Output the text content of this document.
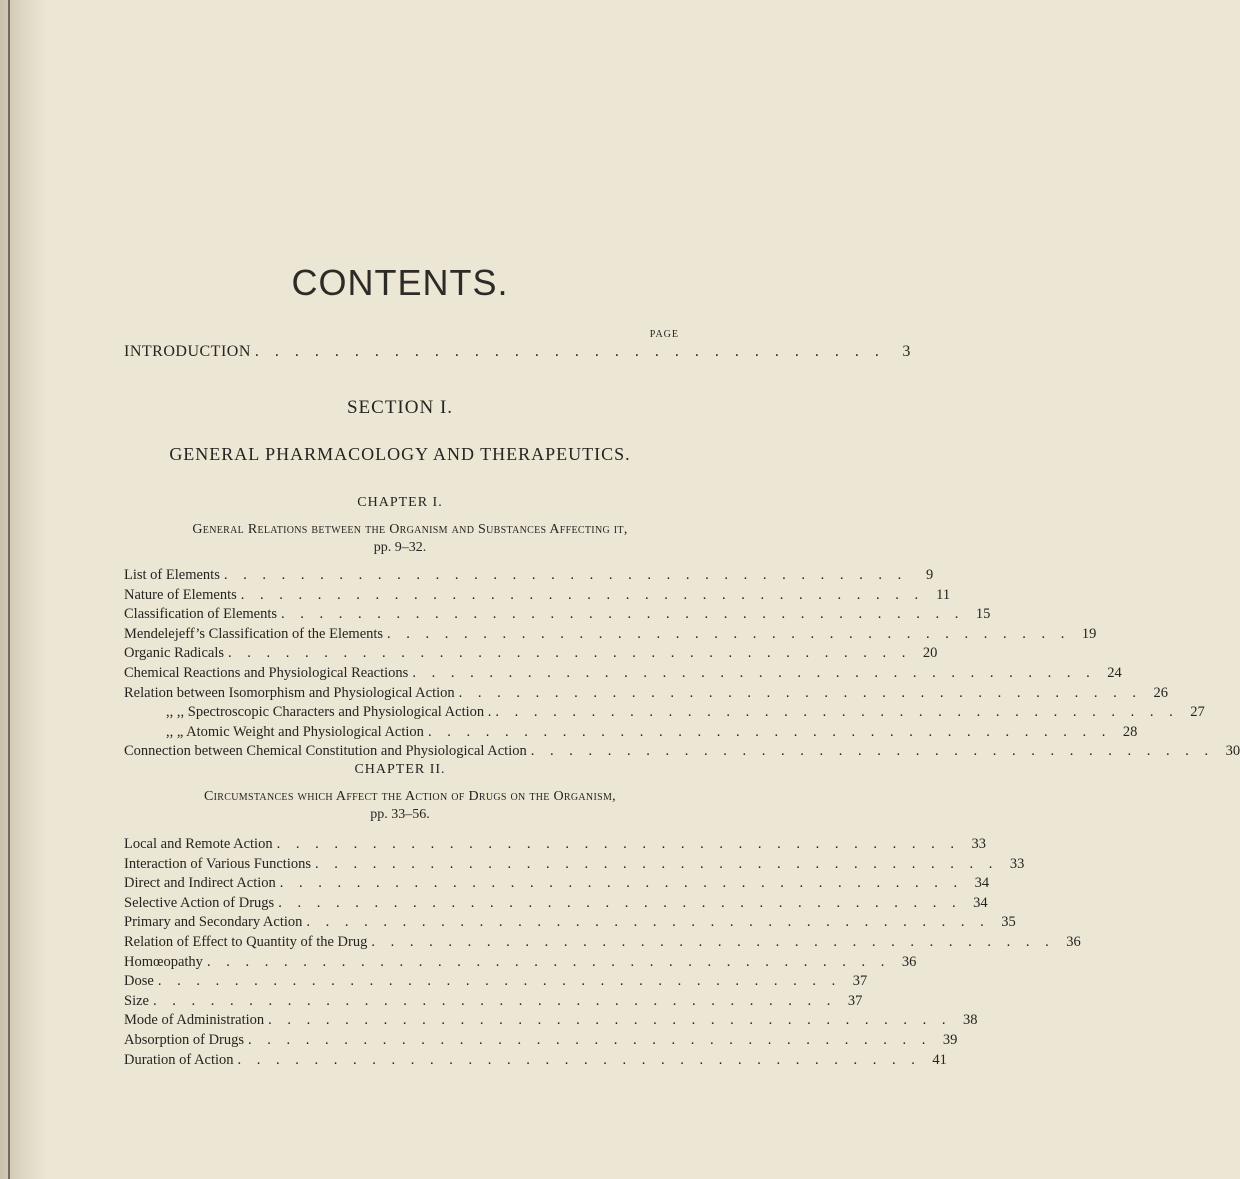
CONTENTS.
PAGE
INTRODUCTION . . . . . . . . . . . . . . . . . . . . . . . . . . . . . . . .	3
SECTION I.
GENERAL PHARMACOLOGY AND THERAPEUTICS.
CHAPTER I.
General Relations between the Organism and Substances Affecting it,
pp. 9–32.
List of Elements . . . . . . . . . . . . . . . . . . . . . . . . . . . . . . . . . . . .	9
Nature of Elements . . . . . . . . . . . . . . . . . . . . . . . . . . . . . . . . . . . . 11
Classification of Elements . . . . . . . . . . . . . . . . . . . . . . . . . . . . . . . . . . . . 15
Mendelejeff’s Classification of the Elements . . . . . . . . . . . . . . . . . . . . . . . . . . . . . . . . . . . . 19
Organic Radicals . . . . . . . . . . . . . . . . . . . . . . . . . . . . . . . . . . . . 20
Chemical Reactions and Physiological Reactions . . . . . . . . . . . . . . . . . . . . . . . . . . . . . . . . . . . . 24
Relation between Isomorphism and Physiological Action . . . . . . . . . . . . . . . . . . . . . . . . . . . . . . . . . . . . 26
,, ,, Spectroscopic Characters and Physiological Action . . . . . . . . . . . . . . . . . . . . . . . . . . . . . . . . . . . . . 27
,, „ Atomic Weight and Physiological Action . . . . . . . . . . . . . . . . . . . . . . . . . . . . . . . . . . . . 28
Connection between Chemical Constitution and Physiological Action . . . . . . . . . . . . . . . . . . . . . . . . . . . . . . . . . . . . 30
CHAPTER II.
Circumstances which Affect the Action of Drugs on the Organism,
pp. 33–56.
Local and Remote Action . . . . . . . . . . . . . . . . . . . . . . . . . . . . . . . . . . . . 33
Interaction of Various Functions . . . . . . . . . . . . . . . . . . . . . . . . . . . . . . . . . . . . 33
Direct and Indirect Action . . . . . . . . . . . . . . . . . . . . . . . . . . . . . . . . . . . . 34
Selective Action of Drugs . . . . . . . . . . . . . . . . . . . . . . . . . . . . . . . . . . . . 34
Primary and Secondary Action . . . . . . . . . . . . . . . . . . . . . . . . . . . . . . . . . . . . 35
Relation of Effect to Quantity of the Drug . . . . . . . . . . . . . . . . . . . . . . . . . . . . . . . . . . . . 36
Homœopathy . . . . . . . . . . . . . . . . . . . . . . . . . . . . . . . . . . . . 36
Dose . . . . . . . . . . . . . . . . . . . . . . . . . . . . . . . . . . . . 37
Size . . . . . . . . . . . . . . . . . . . . . . . . . . . . . . . . . . . . 37
Mode of Administration . . . . . . . . . . . . . . . . . . . . . . . . . . . . . . . . . . . . 38
Absorption of Drugs . . . . . . . . . . . . . . . . . . . . . . . . . . . . . . . . . . . . 39
Duration of Action . . . . . . . . . . . . . . . . . . . . . . . . . . . . . . . . . . . . 41
